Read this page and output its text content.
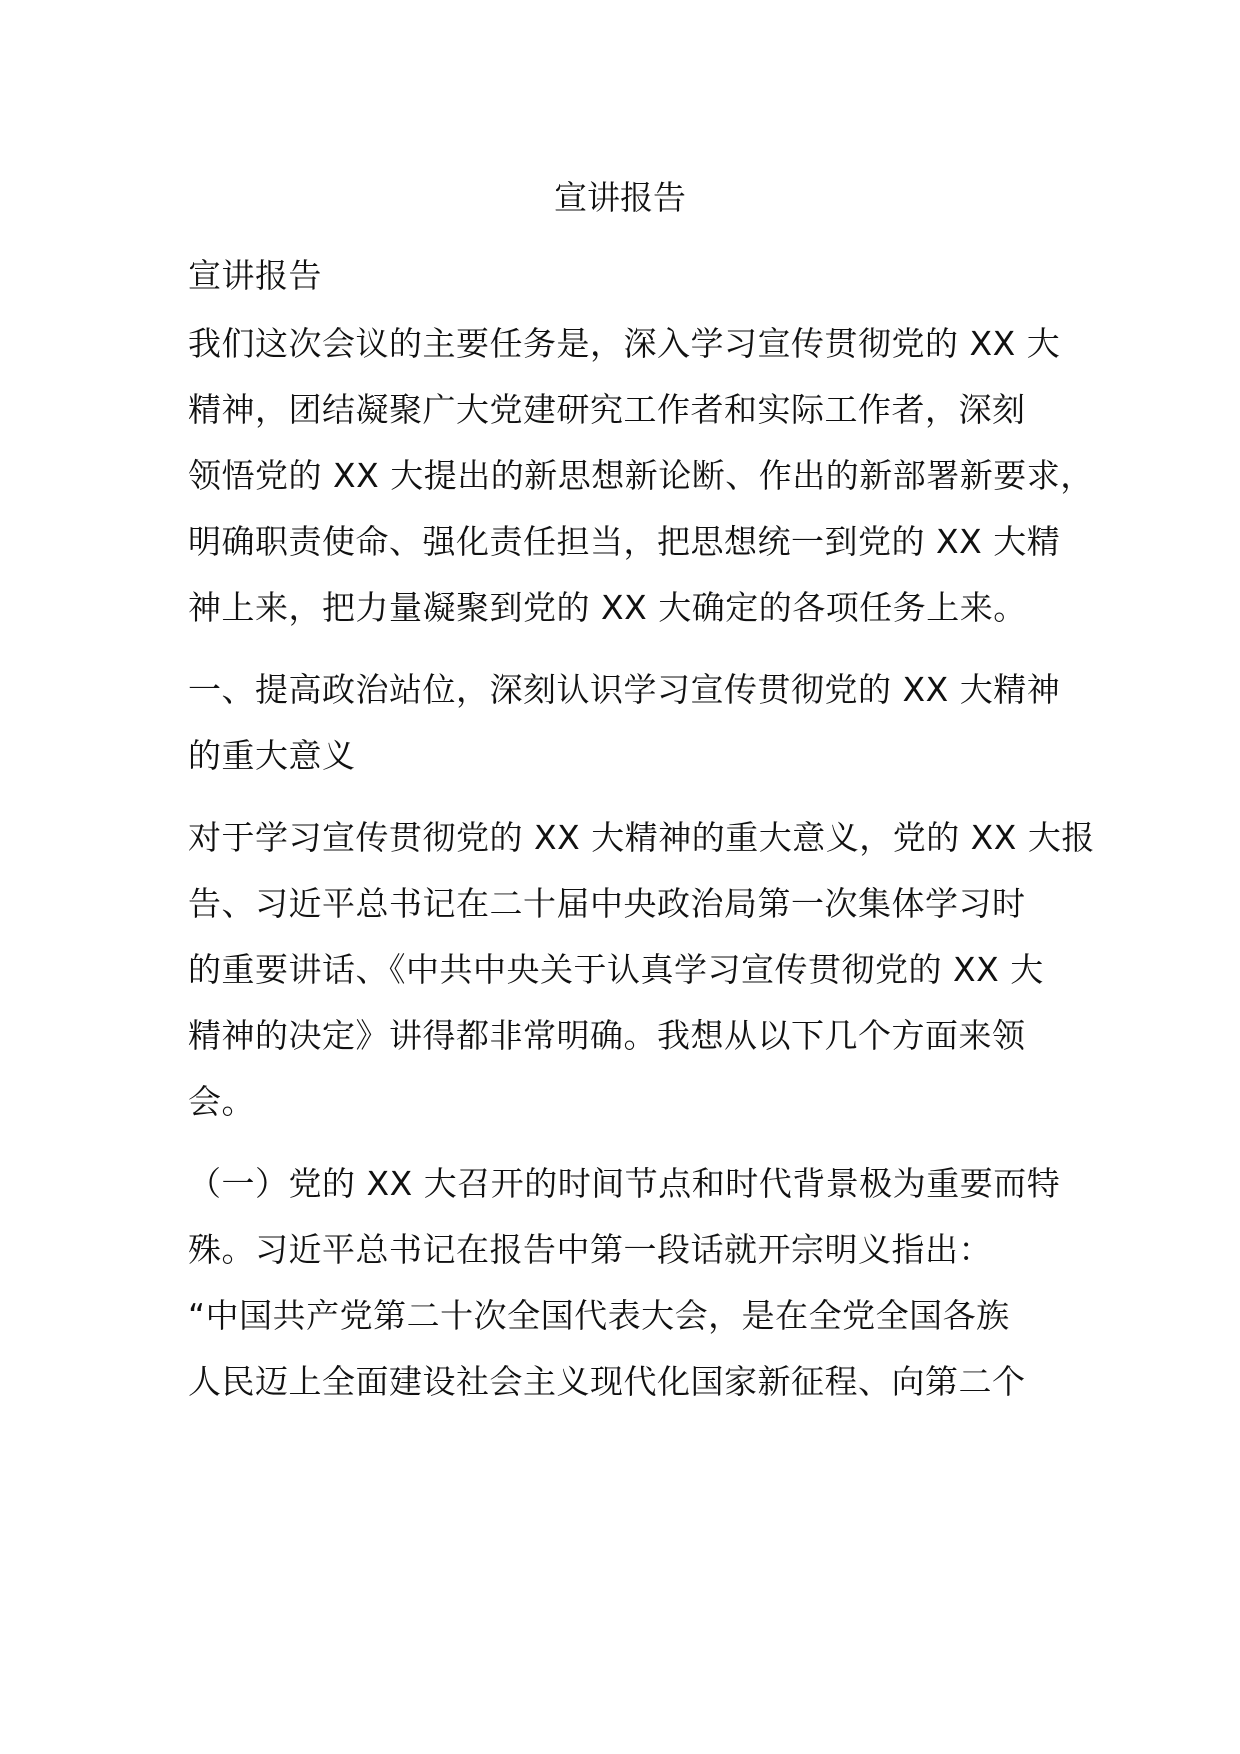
宣讲报告

宣讲报告

我们这次会议的主要任务是，深入学习宣传贯彻党的 XX 大

精神，团结凝聚广大党建研究工作者和实际工作者，深刻

领悟党的 XX 大提出的新思想新论断、作出的新部署新要求，

明确职责使命、强化责任担当，把思想统一到党的 XX 大精

神上来，把力量凝聚到党的 XX 大确定的各项任务上来。

一、提高政治站位，深刻认识学习宣传贯彻党的 XX 大精神

的重大意义

对于学习宣传贯彻党的 XX 大精神的重大意义，党的 XX 大报

告、习近平总书记在二十届中央政治局第一次集体学习时

的重要讲话、《中共中央关于认真学习宣传贯彻党的 XX 大

精神的决定》讲得都非常明确。我想从以下几个方面来领

会。

（一）党的 XX 大召开的时间节点和时代背景极为重要而特

殊。习近平总书记在报告中第一段话就开宗明义指出：

“中国共产党第二十次全国代表大会，是在全党全国各族

人民迈上全面建设社会主义现代化国家新征程、向第二个
